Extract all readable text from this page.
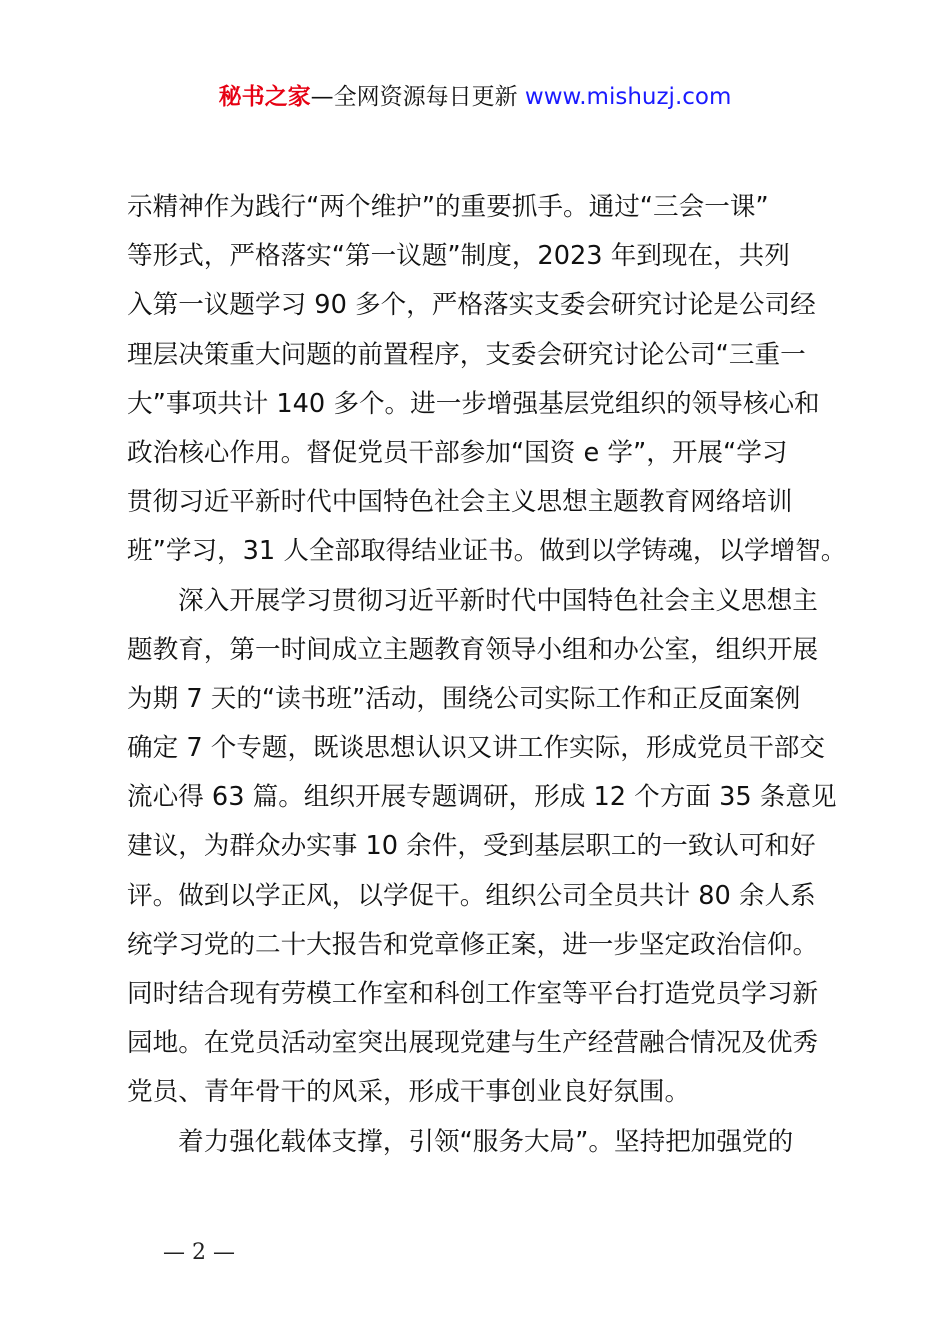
秘书之家—全网资源每日更新 www.mishuzj.com
示精神作为践行“两个维护”的重要抓手。通过“三会一课”
等形式，严格落实“第一议题”制度，2023 年到现在，共列
入第一议题学习 90 多个，严格落实支委会研究讨论是公司经
理层决策重大问题的前置程序，支委会研究讨论公司“三重一
大”事项共计 140 多个。进一步增强基层党组织的领导核心和
政治核心作用。督促党员干部参加“国资 e 学”，开展“学习
贯彻习近平新时代中国特色社会主义思想主题教育网络培训
班”学习，31 人全部取得结业证书。做到以学铸魂，以学增智。
深入开展学习贯彻习近平新时代中国特色社会主义思想主
题教育，第一时间成立主题教育领导小组和办公室，组织开展
为期 7 天的“读书班”活动，围绕公司实际工作和正反面案例
确定 7 个专题，既谈思想认识又讲工作实际，形成党员干部交
流心得 63 篇。组织开展专题调研，形成 12 个方面 35 条意见
建议，为群众办实事 10 余件，受到基层职工的一致认可和好
评。做到以学正风，以学促干。组织公司全员共计 80 余人系
统学习党的二十大报告和党章修正案，进一步坚定政治信仰。
同时结合现有劳模工作室和科创工作室等平台打造党员学习新
园地。在党员活动室突出展现党建与生产经营融合情况及优秀
党员、青年骨干的风采，形成干事创业良好氛围。
着力强化载体支撑，引领“服务大局”。坚持把加强党的
— 2 —
